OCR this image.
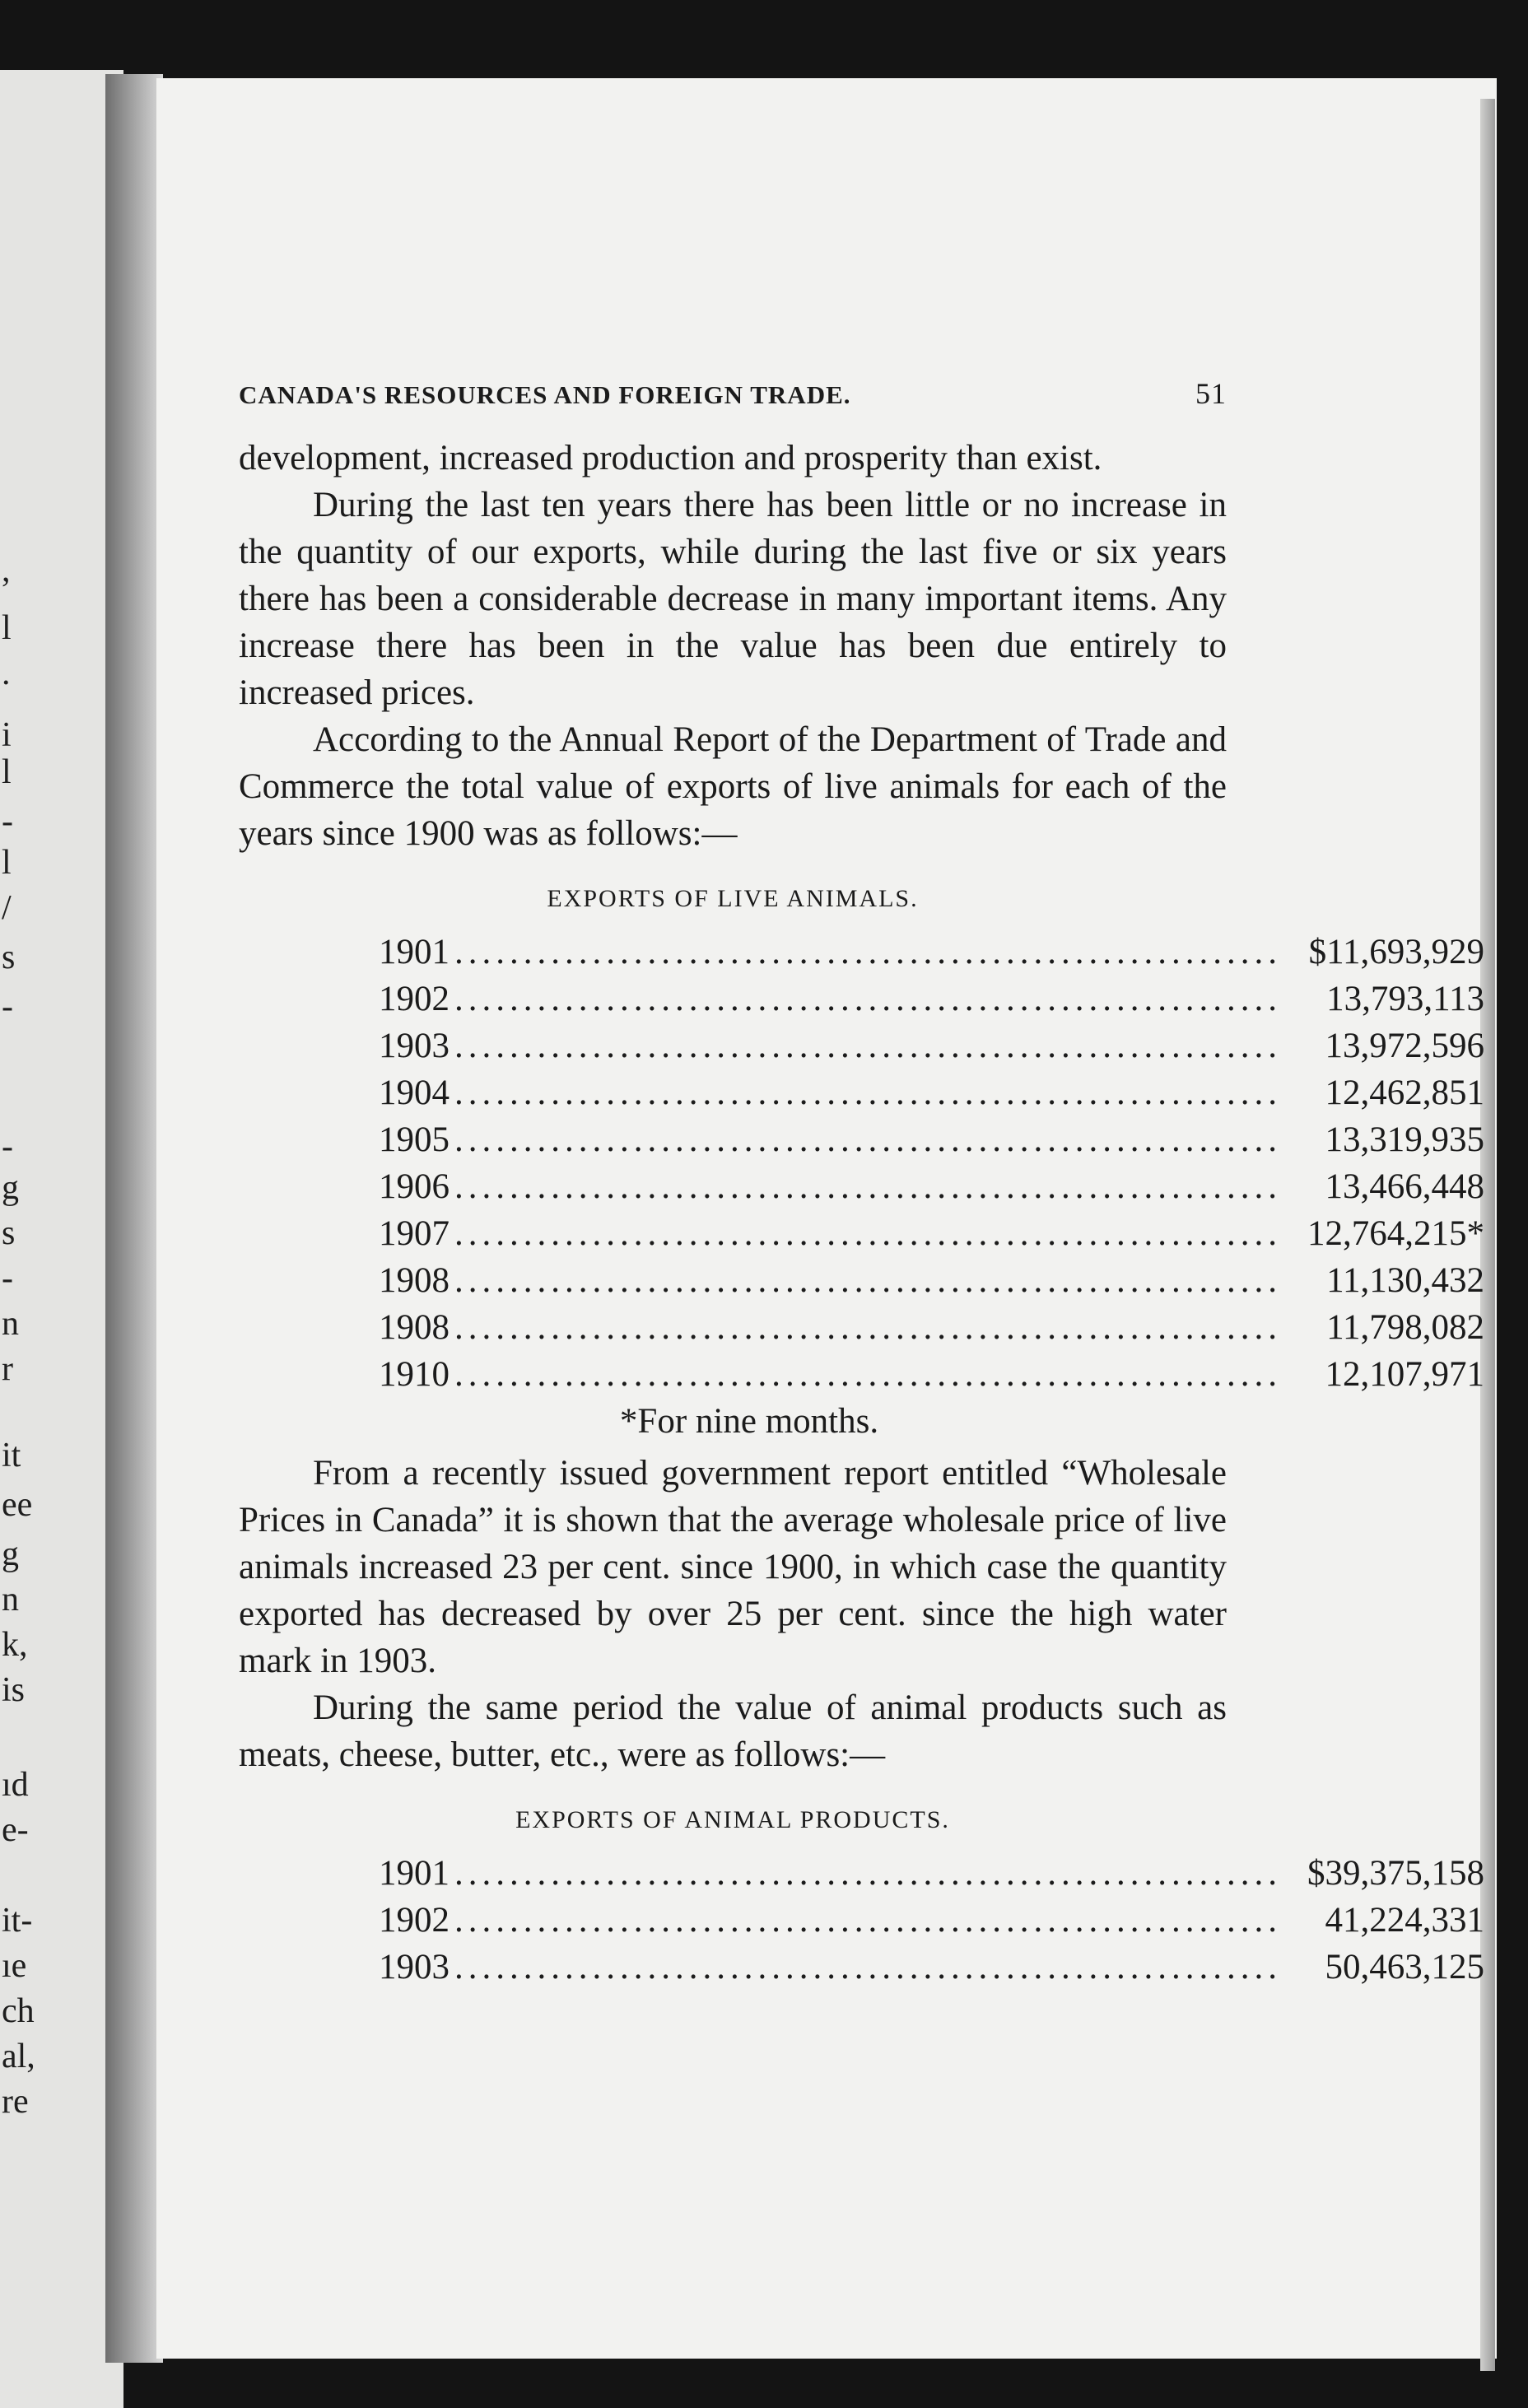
,
l
.
i
l
-
l
/
s
-
-
g
s
-
n
r
it
ee
g
n
k,
is
ıd
e-
it-
ıe
ch
al,
re
CANADA'S RESOURCES AND FOREIGN TRADE.	51

development, increased production and prosperity than exist.

During the last ten years there has been little or no increase in the quantity of our exports, while during the last five or six years there has been a considerable decrease in many important items. Any increase there has been in the value has been due entirely to increased prices.

According to the Annual Report of the Department of Trade and Commerce the total value of exports of live animals for each of the years since 1900 was as follows:—

EXPORTS OF LIVE ANIMALS.
1901 ............................................................ $11,693,929
1902 ............................................................	13,793,113
1903 ............................................................	13,972,596
1904 ............................................................	12,462,851
1905 ............................................................	13,319,935
1906 ............................................................	13,466,448
1907 ............................................................ 12,764,215*
1908 ............................................................	11,130,432
1908 ............................................................	11,798,082
1910 ............................................................	12,107,971
*For nine months.

From a recently issued government report entitled “Wholesale Prices in Canada” it is shown that the average wholesale price of live animals increased 23 per cent. since 1900, in which case the quantity exported has decreased by over 25 per cent. since the high water mark in 1903.

During the same period the value of animal products such as meats, cheese, butter, etc., were as follows:—

EXPORTS OF ANIMAL PRODUCTS.
1901 ............................................................ $39,375,158
1902 ............................................................	41,224,331
1903 ............................................................	50,463,125
